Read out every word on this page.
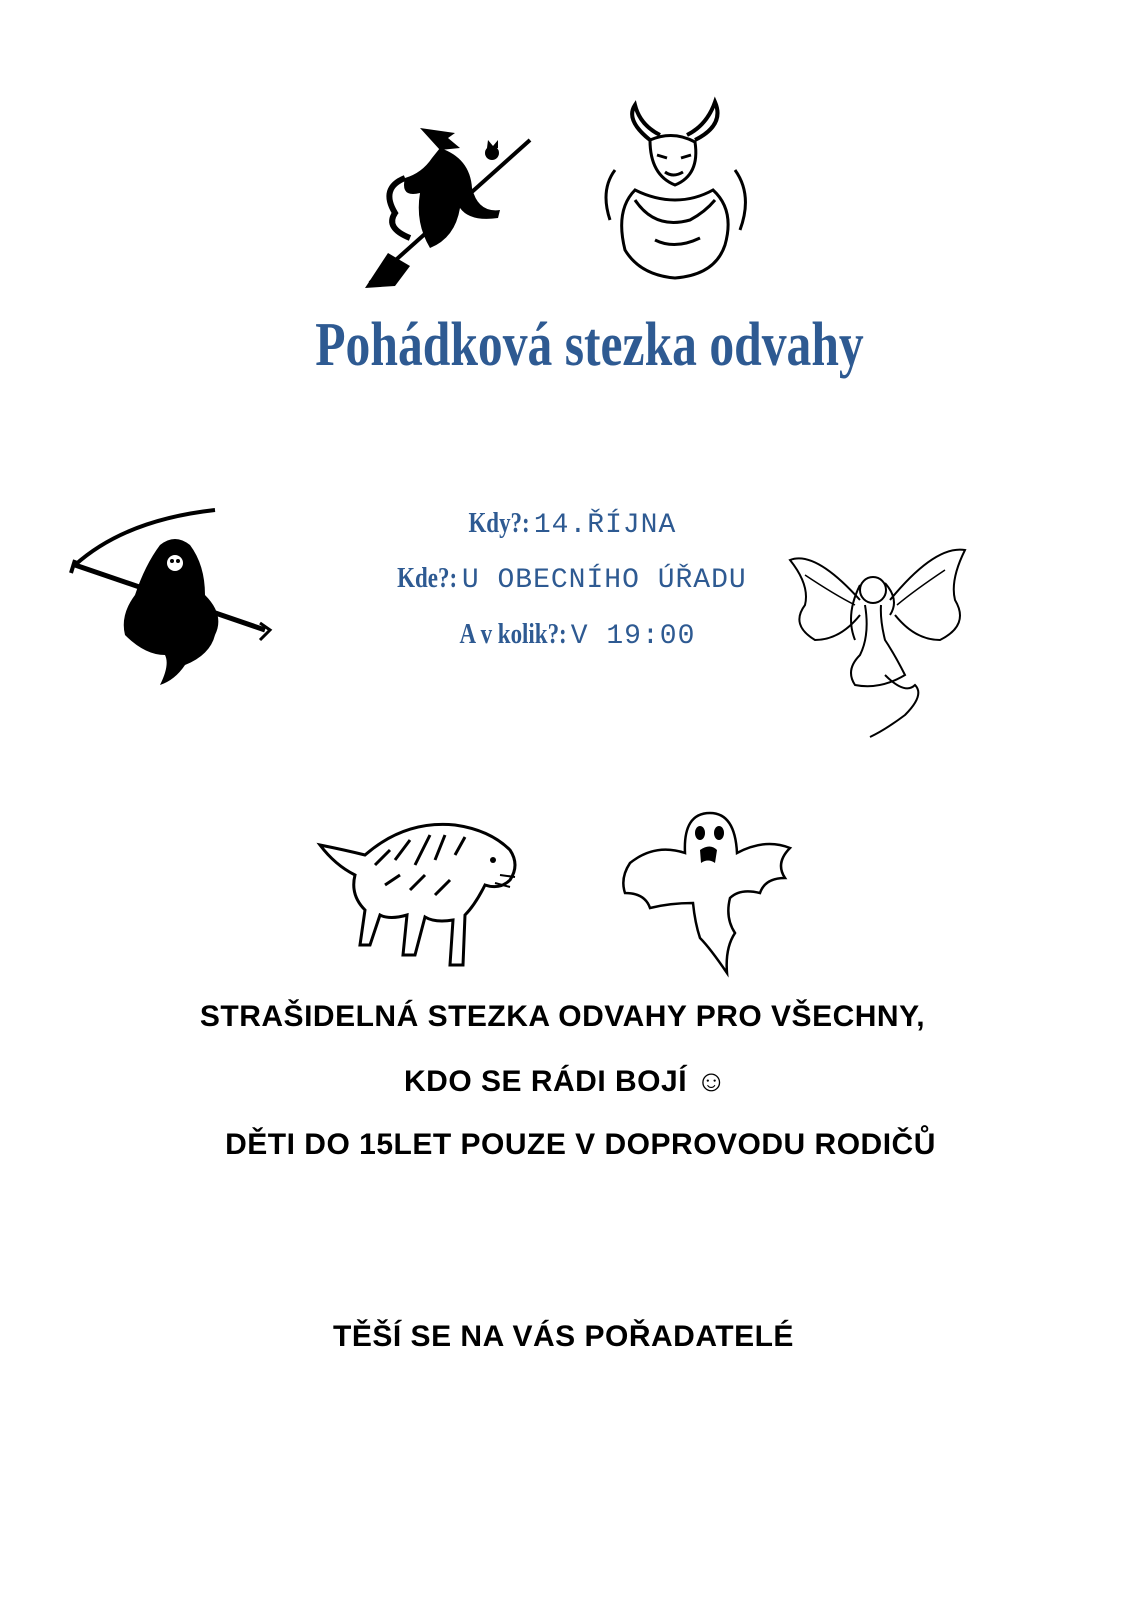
Pohádková stezka odvahy
Kdy?: 14.ŘÍJNA
Kde?: U OBECNÍHO ÚŘADU
A v kolik?: V 19:00
STRAŠIDELNÁ STEZKA ODVAHY PRO VŠECHNY,
KDO SE RÁDI BOJÍ ☺
DĚTI DO 15LET POUZE V DOPROVODU RODIČŮ
TĚŠÍ SE NA VÁS POŘADATELÉ
